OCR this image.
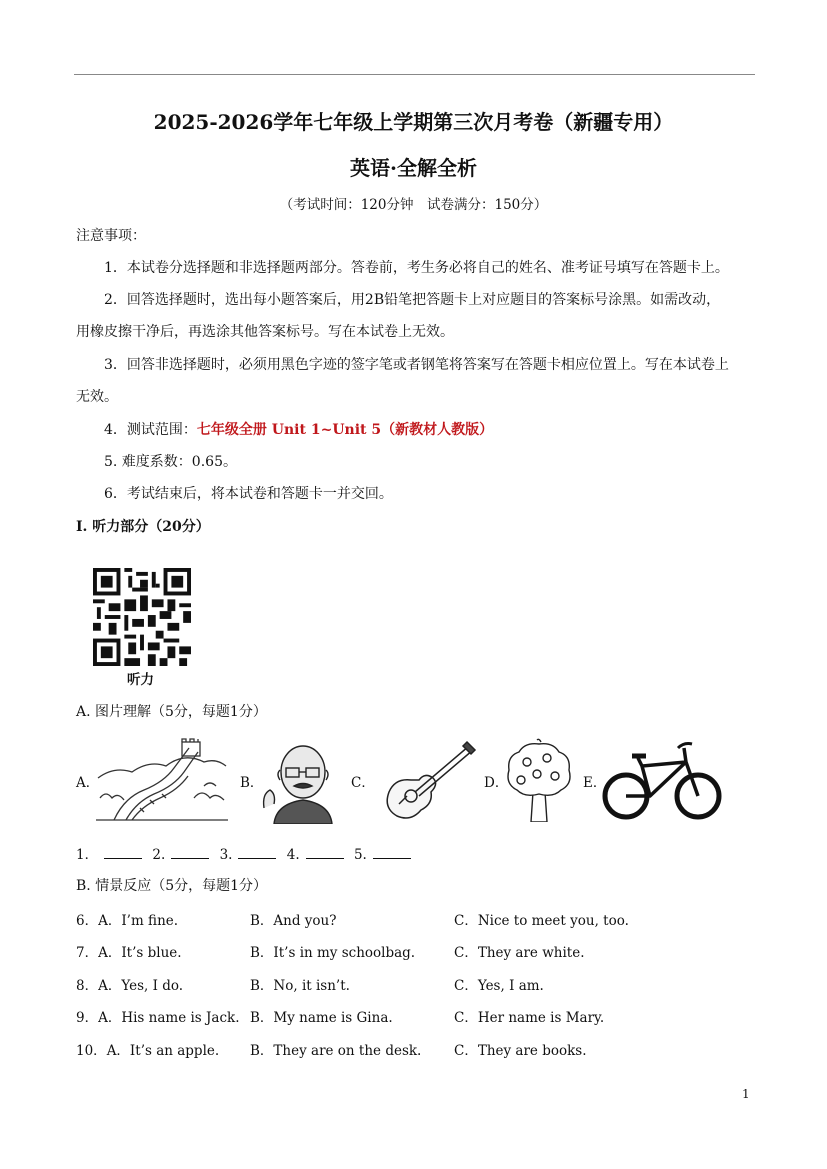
2025-2026学年七年级上学期第三次月考卷（新疆专用）
英语·全解全析
（考试时间：120分钟　试卷满分：150分）
注意事项：
1．本试卷分选择题和非选择题两部分。答卷前，考生务必将自己的姓名、准考证号填写在答题卡上。
2．回答选择题时，选出每小题答案后，用2B铅笔把答题卡上对应题目的答案标号涂黑。如需改动，
用橡皮擦干净后，再选涂其他答案标号。写在本试卷上无效。
3．回答非选择题时，必须用黑色字迹的签字笔或者钢笔将答案写在答题卡相应位置上。写在本试卷上
无效。
4．测试范围：七年级全册 Unit 1~Unit 5（新教材人教版）
5. 难度系数：0.65。
6．考试结束后，将本试卷和答题卡一并交回。
I. 听力部分（20分）
听力
A. 图片理解（5分，每题1分）
A．	B．	C．	D．	E．
1．	2.	3.	4.	5.
B. 情景反应（5分，每题1分）
6．A．I’m fine.	B．And you?	C．Nice to meet you, too.
7．A．It’s blue.	B．It’s in my schoolbag.	C．They are white.
8．A．Yes, I do.	B．No, it isn’t.	C．Yes, I am.
9．A．His name is Jack. B．My name is Gina.	C．Her name is Mary.
10．A．It’s an apple. B．They are on the desk. C．They are books.
1
